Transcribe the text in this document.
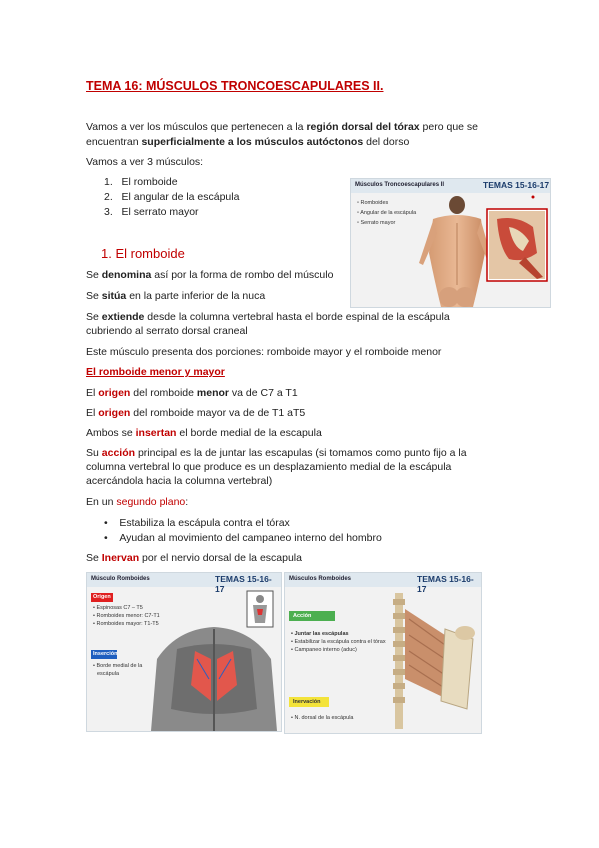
TEMA 16: MÚSCULOS TRONCOESCAPULARES II.
Vamos a ver los músculos que pertenecen a la región dorsal del tórax pero que se
encuentran superficialmente a los músculos autóctonos del dorso
Vamos a ver 3 músculos:
1. El romboide
2. El angular de la escápula
3. El serrato mayor
Músculos Troncoescapulares II	TEMAS 15-16-17
▫ Romboides
▫ Angular de la escápula
▫ Serrato mayor
1. El romboide
Se denomina así por la forma de rombo del músculo
Se sitúa en la parte inferior de la nuca
Se extiende desde la columna vertebral hasta el borde espinal de la escápula
cubriendo al serrato dorsal craneal
Este músculo presenta dos porciones: romboide mayor y el romboide menor
El romboide menor y mayor
El origen del romboide menor va de C7 a T1
El origen del romboide mayor va de de T1 aT5
Ambos se insertan el borde medial de la escapula
Su acción principal es la de juntar las escapulas (si tomamos como punto fijo a la
columna vertebral lo que produce es un desplazamiento medial de la escápula
acercándola hacia la columna vertebral)
En un segundo plano:
•    Estabiliza la escápula contra el tórax
•    Ayudan al movimiento del campaneo interno del hombro
Se Inervan por el nervio dorsal de la escapula
Músculo Romboides	TEMAS 15-16-17
Origen
• Espinosas C7 – T5
• Romboides menor: C7-T1
• Romboides mayor: T1-T5
Inserción
• Borde medial de la
escápula
Músculos Romboides	TEMAS 15-16-17
Acción
• Juntar las escápulas
• Estabilizar la escápula contra el tórax
• Campaneo interno (aduc)
Inervación
• N. dorsal de la escápula
